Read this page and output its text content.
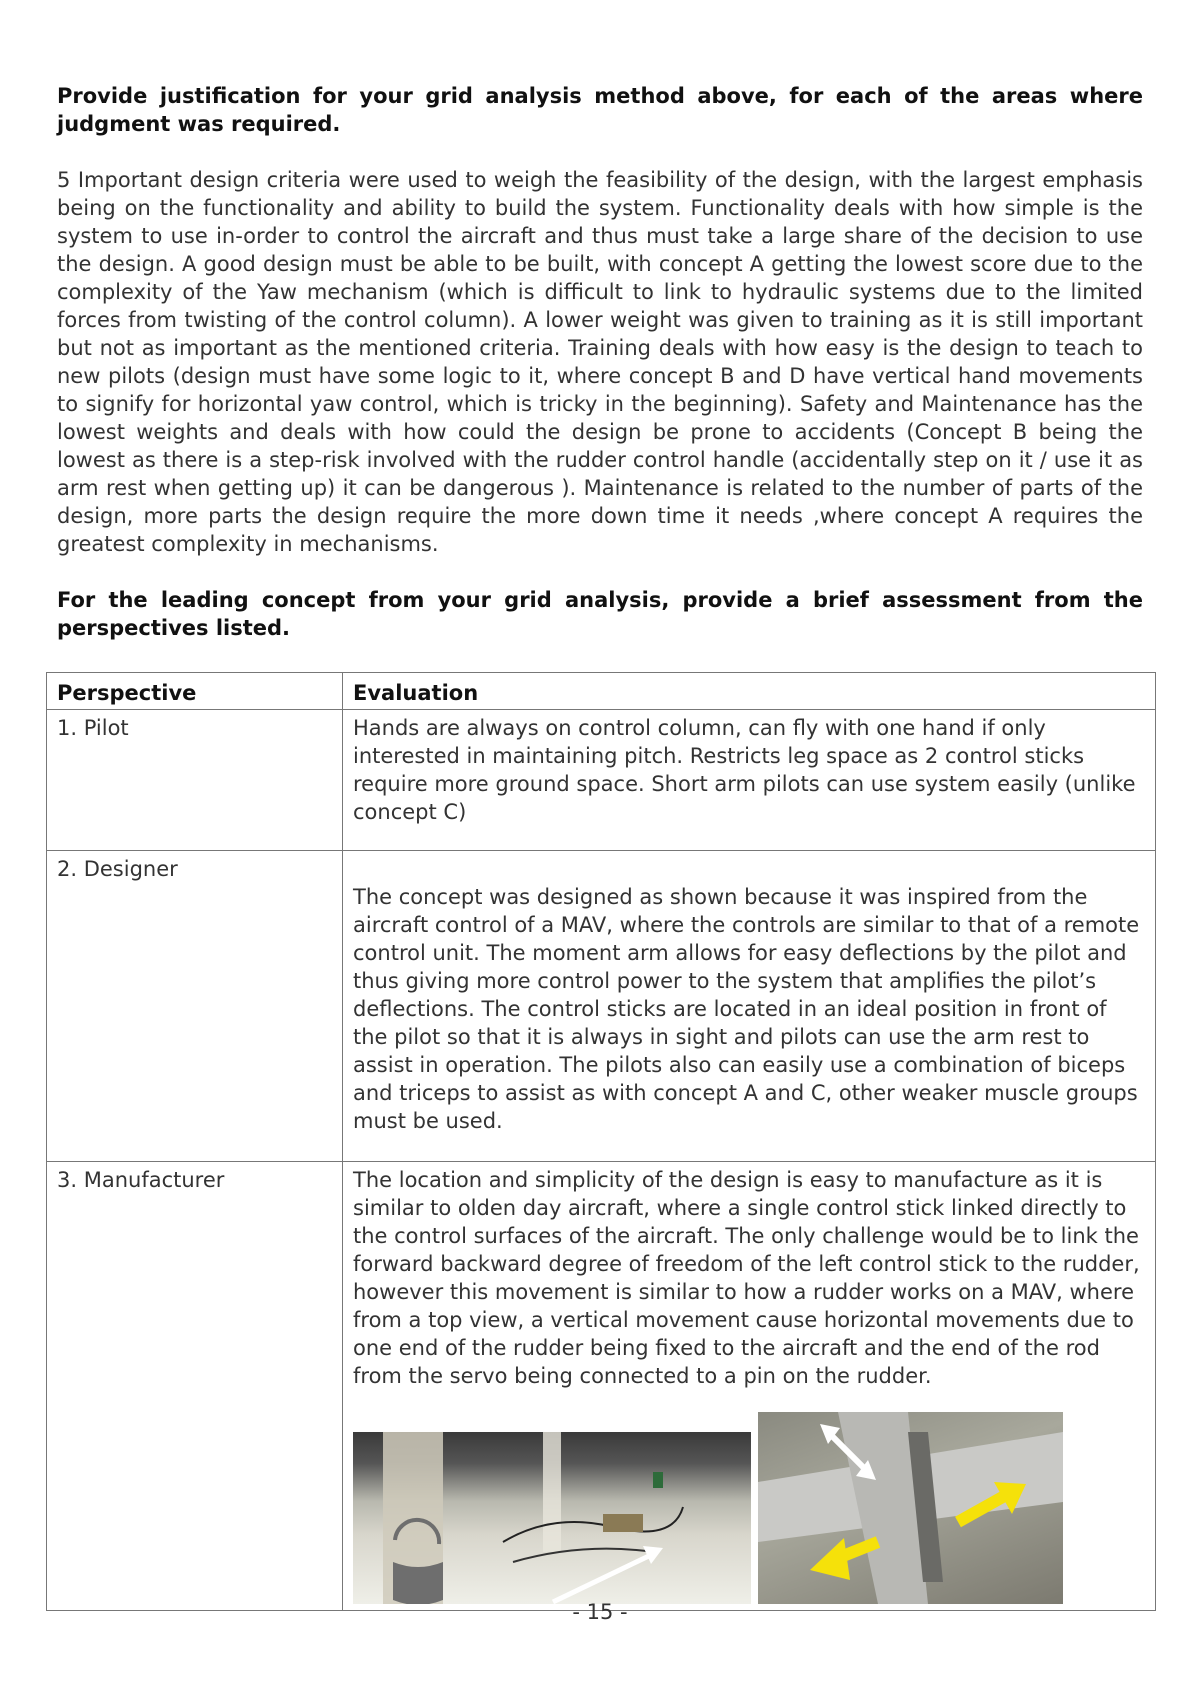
Provide justification for your grid analysis method above, for each of the areas where judgment was required.

5 Important design criteria were used to weigh the feasibility of the design, with the largest emphasis being on the functionality and ability to build the system. Functionality deals with how simple is the system to use in-order to control the aircraft and thus must take a large share of the decision to use the design. A good design must be able to be built, with concept A getting the lowest score due to the complexity of the Yaw mechanism (which is difficult to link to hydraulic systems due to the limited forces from twisting of the control column). A lower weight was given to training as it is still important but not as important as the mentioned criteria. Training deals with how easy is the design to teach to new pilots (design must have some logic to it, where concept B and D have vertical hand movements to signify for horizontal yaw control, which is tricky in the beginning). Safety and Maintenance has the lowest weights and deals with how could the design be prone to accidents (Concept B being the lowest as there is a step-risk involved with the rudder control handle (accidentally step on it / use it as arm rest when getting up) it can be dangerous ). Maintenance is related to the number of parts of the design, more parts the design require the more down time it needs ,where concept A requires the greatest complexity in mechanisms.

For the leading concept from your grid analysis, provide a brief assessment from the perspectives listed.

Perspective	Evaluation
1. Pilot	Hands are always on control column, can fly with one hand if only interested in maintaining pitch. Restricts leg space as 2 control sticks require more ground space. Short arm pilots can use system easily (unlike concept C)
2. Designer	The concept was designed as shown because it was inspired from the aircraft control of a MAV, where the controls are similar to that of a remote control unit. The moment arm allows for easy deflections by the pilot and thus giving more control power to the system that amplifies the pilot’s deflections. The control sticks are located in an ideal position in front of the pilot so that it is always in sight and pilots can use the arm rest to assist in operation. The pilots also can easily use a combination of biceps and triceps to assist as with concept A and C, other weaker muscle groups must be used.
3. Manufacturer	The location and simplicity of the design is easy to manufacture as it is similar to olden day aircraft, where a single control stick linked directly to the control surfaces of the aircraft. The only challenge would be to link the forward backward degree of freedom of the left control stick to the rudder, however this movement is similar to how a rudder works on a MAV, where from a top view, a vertical movement cause horizontal movements due to one end of the rudder being fixed to the aircraft and the end of the rod from the servo being connected to a pin on the rudder.
- 15 -
